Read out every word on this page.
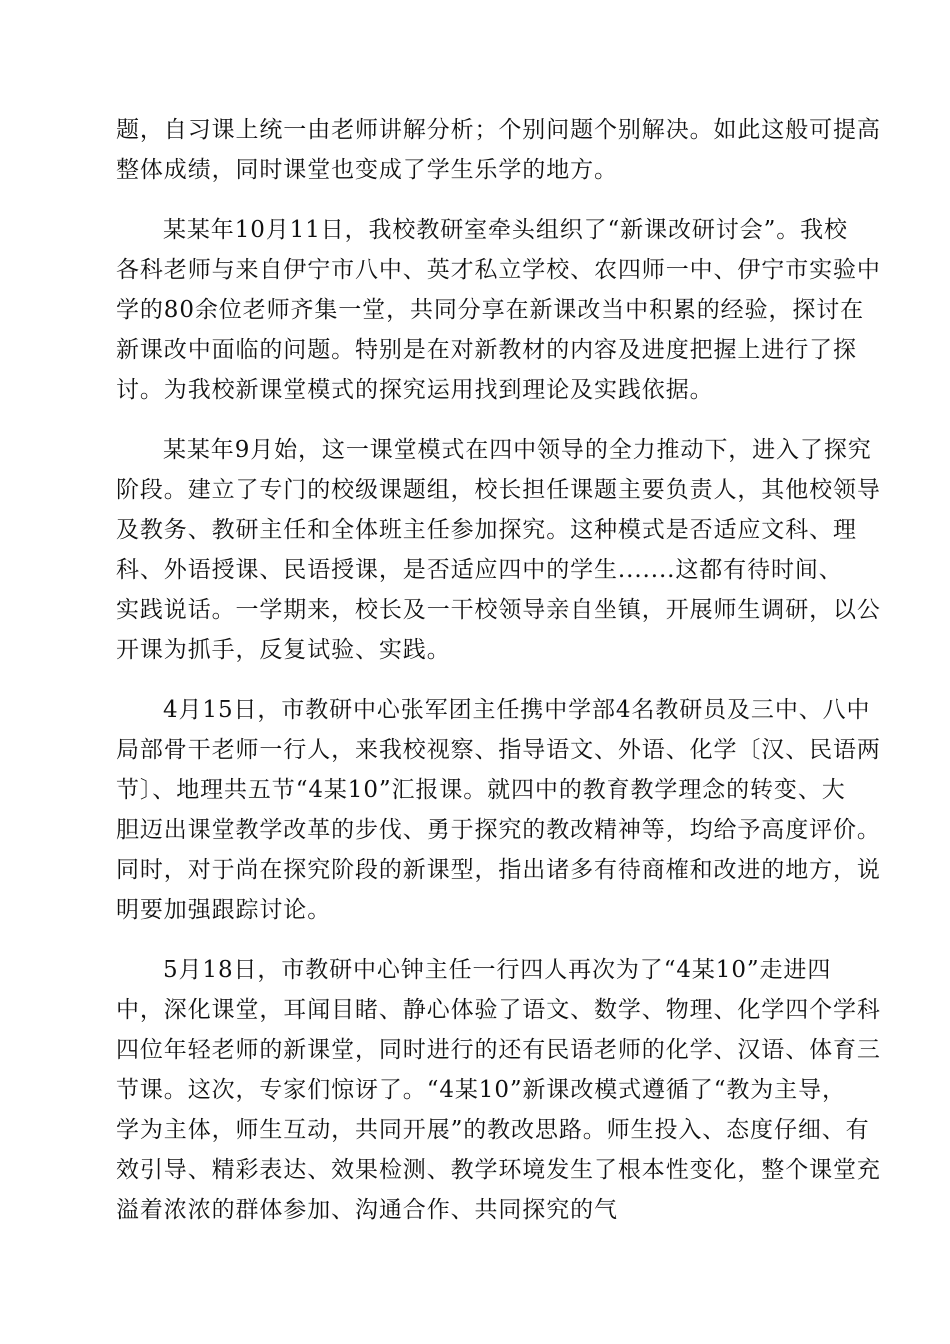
题，自习课上统一由老师讲解分析；个别问题个别解决。如此这般可提高
整体成绩，同时课堂也变成了学生乐学的地方。
某某年10月11日，我校教研室牵头组织了“新课改研讨会”。我校
各科老师与来自伊宁市八中、英才私立学校、农四师一中、伊宁市实验中
学的80余位老师齐集一堂，共同分享在新课改当中积累的经验，探讨在
新课改中面临的问题。特别是在对新教材的内容及进度把握上进行了探
讨。为我校新课堂模式的探究运用找到理论及实践依据。
某某年9月始，这一课堂模式在四中领导的全力推动下，进入了探究
阶段。建立了专门的校级课题组，校长担任课题主要负责人，其他校领导
及教务、教研主任和全体班主任参加探究。这种模式是否适应文科、理
科、外语授课、民语授课，是否适应四中的学生.......这都有待时间、
实践说话。一学期来，校长及一干校领导亲自坐镇，开展师生调研，以公
开课为抓手，反复试验、实践。
4月15日，市教研中心张军团主任携中学部4名教研员及三中、八中
局部骨干老师一行人，来我校视察、指导语文、外语、化学〔汉、民语两
节〕、地理共五节“4某10”汇报课。就四中的教育教学理念的转变、大
胆迈出课堂教学改革的步伐、勇于探究的教改精神等，均给予高度评价。
同时，对于尚在探究阶段的新课型，指出诸多有待商榷和改进的地方，说
明要加强跟踪讨论。
5月18日，市教研中心钟主任一行四人再次为了“4某10”走进四
中，深化课堂，耳闻目睹、静心体验了语文、数学、物理、化学四个学科
四位年轻老师的新课堂，同时进行的还有民语老师的化学、汉语、体育三
节课。这次，专家们惊讶了。“4某10”新课改模式遵循了“教为主导，
学为主体，师生互动，共同开展”的教改思路。师生投入、态度仔细、有
效引导、精彩表达、效果检测、教学环境发生了根本性变化，整个课堂充
溢着浓浓的群体参加、沟通合作、共同探究的气
